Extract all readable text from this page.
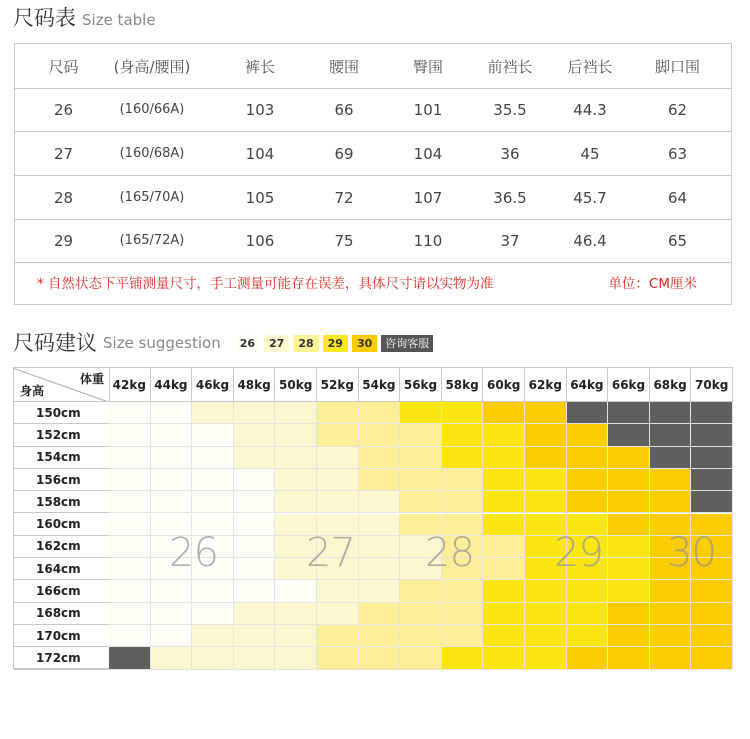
尺码表 Size table
尺码	(身高/腰围)	裤长	腰围	臀围	前裆长	后裆长	脚口围
26	(160/66A)	103	66	101	35.5	44.3	62
27	(160/68A)	104	69	104	36	45	63
28	(165/70A)	105	72	107	36.5	45.7	64
29	(165/72A)	106	75	110	37	46.4	65
* 自然状态下平铺测量尺寸，手工测量可能存在误差，具体尺寸请以实物为准	单位：CM厘米
尺码建议 Size suggestion	26	27	28	29	30	咨询客服
体重
身高	42kg 44kg 46kg 48kg 50kg 52kg 54kg 56kg 58kg 60kg 62kg 64kg 66kg 68kg 70kg
150cm
152cm
154cm
156cm
158cm
160cm
162cm
164cm
166cm
168cm
170cm
172cm
26 27 28 29 30
